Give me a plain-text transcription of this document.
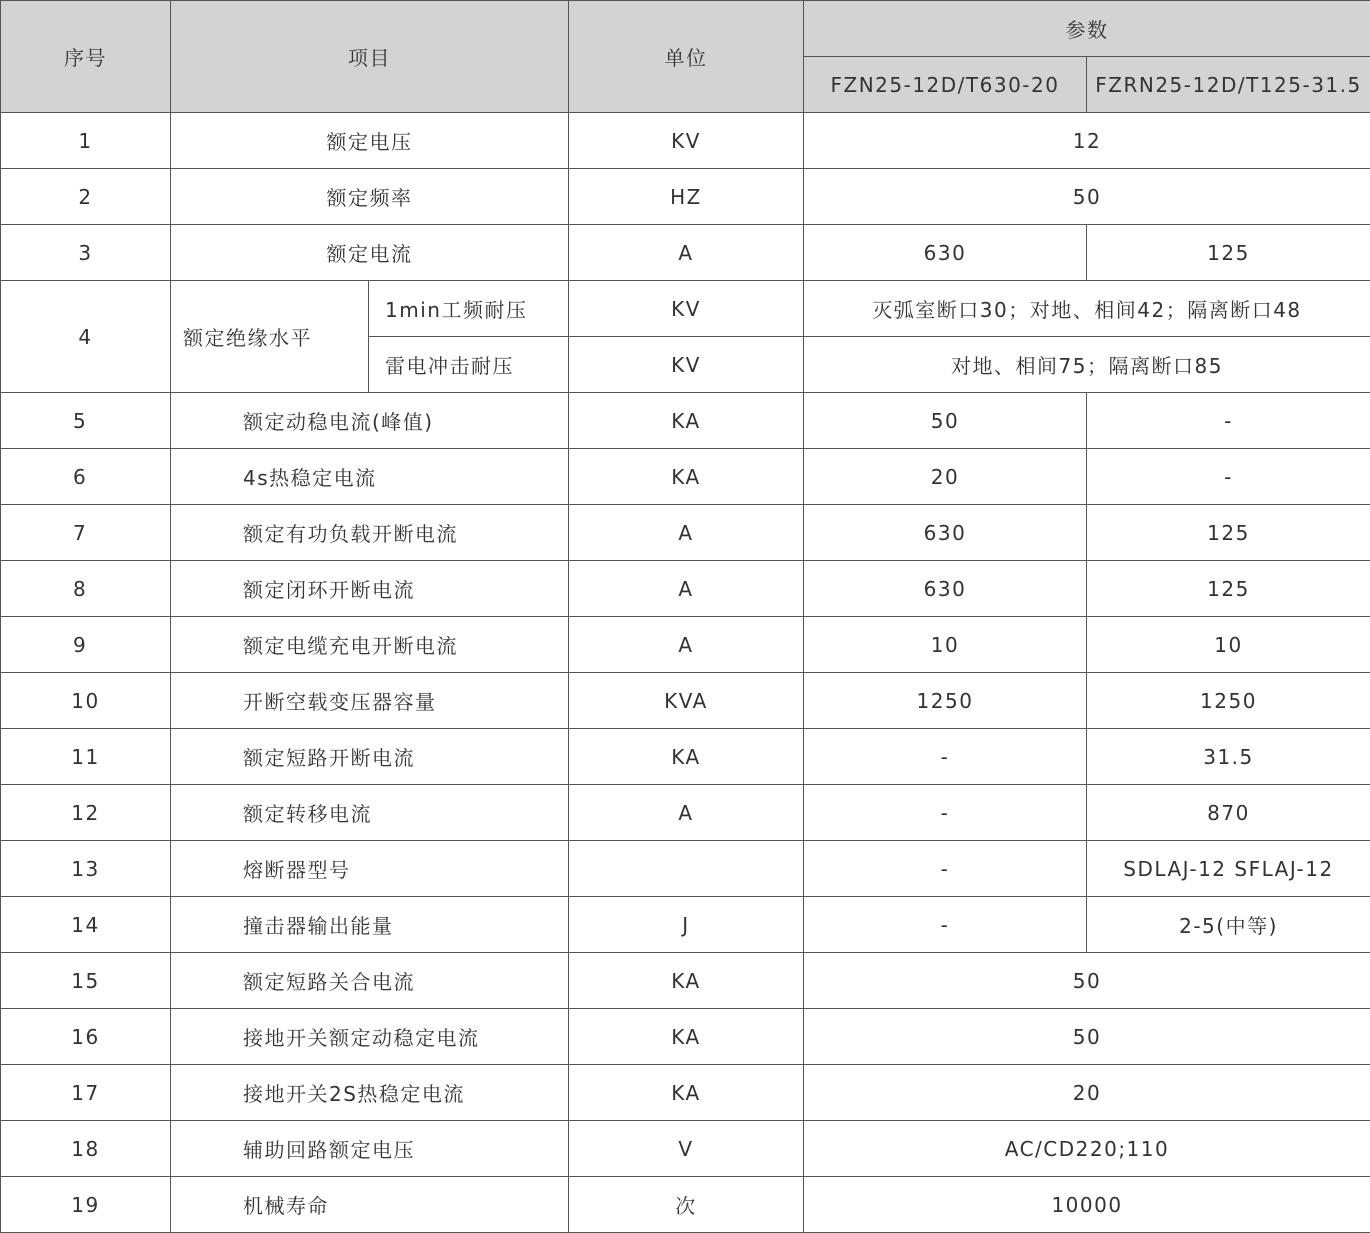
序号	项目		单位	参数	
				FZN25-12D/T630-20	FZRN25-12D/T125-31.5
1	额定电压		KV	12	
2	额定频率		HZ	50	
3	额定电流		A	630	125
4	额定绝缘水平	1min工频耐压	KV	灭弧室断口30；对地、相间42；隔离断口48	
		雷电冲击耐压	KV	对地、相间75；隔离断口85	
5	额定动稳电流(峰值)		KA	50	-
6	4s热稳定电流		KA	20	-
7	额定有功负载开断电流		A	630	125
8	额定闭环开断电流		A	630	125
9	额定电缆充电开断电流		A	10	10
10	开断空载变压器容量		KVA	1250	1250
11	额定短路开断电流		KA	-	31.5
12	额定转移电流		A	-	870
13	熔断器型号			-	SDLAJ-12 SFLAJ-12
14	撞击器输出能量		J	-	2-5(中等)
15	额定短路关合电流		KA	50	
16	接地开关额定动稳定电流		KA	50	
17	接地开关2S热稳定电流		KA	20	
18	辅助回路额定电压		V	AC/CD220;110	
19	机械寿命		次	10000	
